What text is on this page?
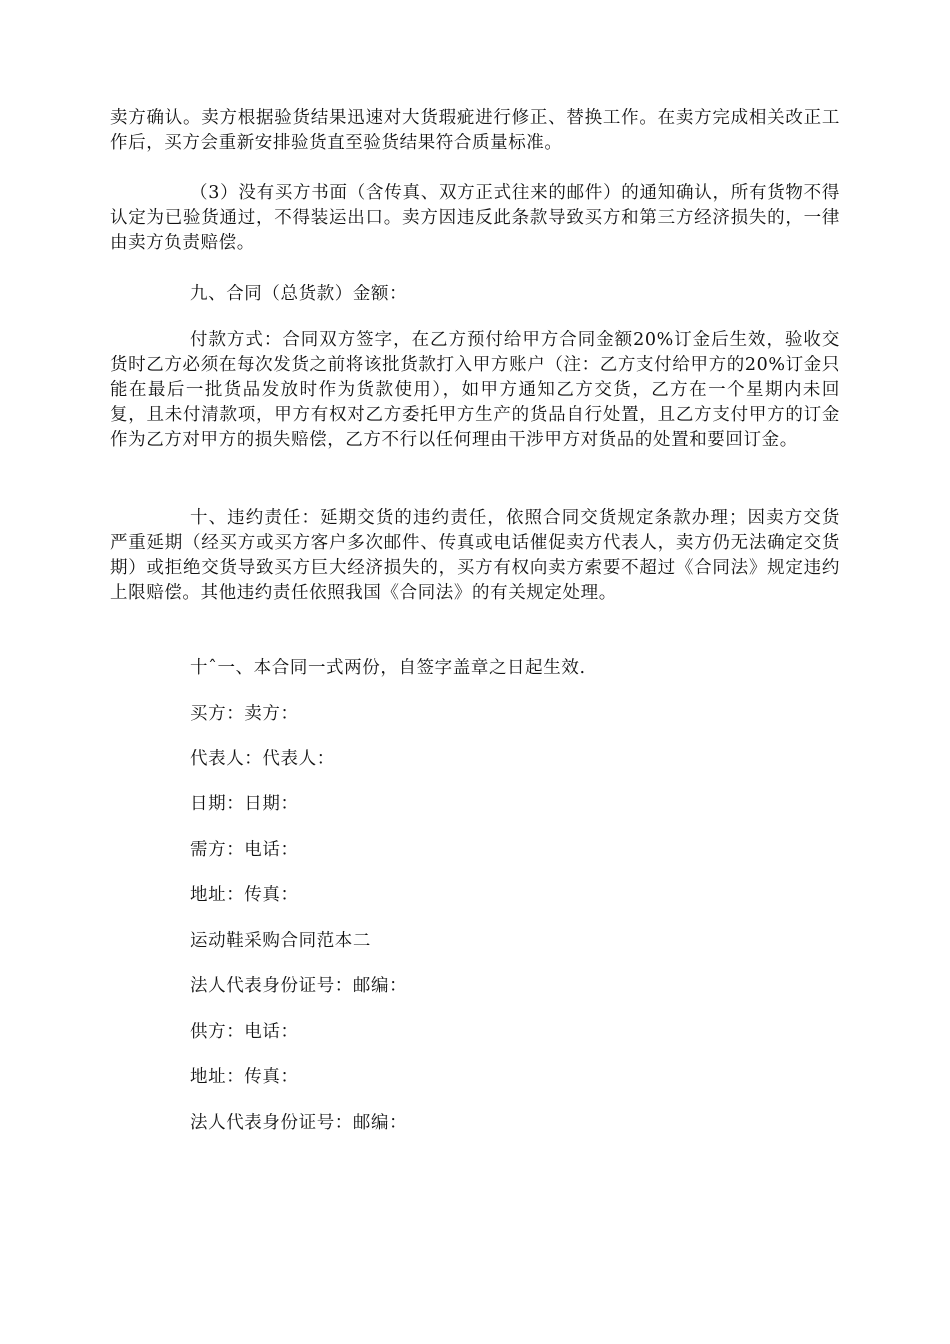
卖方确认。卖方根据验货结果迅速对大货瑕疵进行修正、替换工作。在卖方完成相关改正工作后，买方会重新安排验货直至验货结果符合质量标准。

（3）没有买方书面（含传真、双方正式往来的邮件）的通知确认，所有货物不得认定为已验货通过，不得装运出口。卖方因违反此条款导致买方和第三方经济损失的，一律由卖方负责赔偿。

九、合同（总货款）金额：

付款方式：合同双方签字，在乙方预付给甲方合同金额20%订金后生效，验收交货时乙方必须在每次发货之前将该批货款打入甲方账户（注：乙方支付给甲方的20%订金只能在最后一批货品发放时作为货款使用），如甲方通知乙方交货，乙方在一个星期内未回复，且未付清款项，甲方有权对乙方委托甲方生产的货品自行处置，且乙方支付甲方的订金作为乙方对甲方的损失赔偿，乙方不行以任何理由干涉甲方对货品的处置和要回订金。

十、违约责任：延期交货的违约责任，依照合同交货规定条款办理；因卖方交货严重延期（经买方或买方客户多次邮件、传真或电话催促卖方代表人，卖方仍无法确定交货期）或拒绝交货导致买方巨大经济损失的，买方有权向卖方索要不超过《合同法》规定违约上限赔偿。其他违约责任依照我国《合同法》的有关规定处理。

十ˆ一、本合同一式两份，自签字盖章之日起生效.

买方：卖方：

代表人：代表人：

日期：日期：

需方：电话：

地址：传真：

运动鞋采购合同范本二

法人代表身份证号：邮编：

供方：电话：

地址：传真：

法人代表身份证号：邮编：
